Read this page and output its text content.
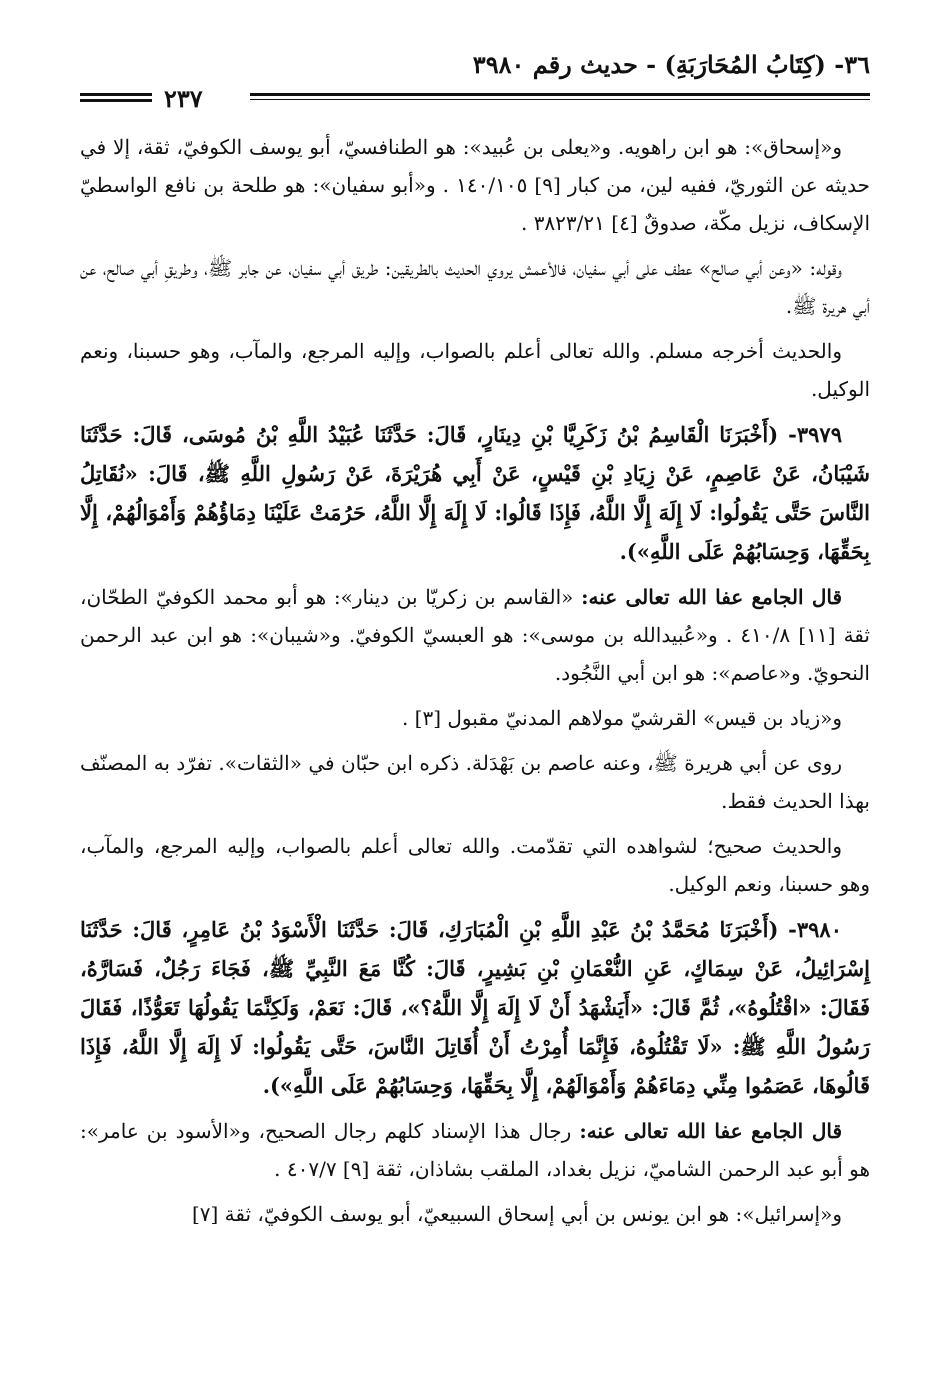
٣٦- (كِتَابُ المُحَارَبَةِ) - حديث رقم ٣٩٨٠
٢٣٧

و«إسحاق»: هو ابن راهويه. و«يعلى بن عُبيد»: هو الطنافسيّ، أبو يوسف الكوفيّ، ثقة، إلا في حديثه عن الثوريّ، ففيه لين، من كبار [٩] ١٤٠/١٠٥ . و«أبو سفيان»: هو طلحة بن نافع الواسطيّ الإسكاف، نزيل مكّة، صدوقٌ [٤] ٣٨٢٣/٢١ .

وقوله: «وعن أبي صالح» عطف على أبي سفيان، فالأعمش يروي الحديث بالطريقين: طريق أبي سفيان، عن جابر ﷺ، وطريقِ أبي صالح، عن أبي هريرة ﷺ.

والحديث أخرجه مسلم. والله تعالى أعلم بالصواب، وإليه المرجع، والمآب، وهو حسبنا، ونعم الوكيل.

٣٩٧٩- (أَخْبَرَنَا الْقَاسِمُ بْنُ زَكَرِيَّا بْنِ دِينَارٍ، قَالَ: حَدَّثَنَا عُبَيْدُ اللَّهِ بْنُ مُوسَى، قَالَ: حَدَّثَنَا شَيْبَانُ، عَنْ عَاصِمٍ، عَنْ زِيَادِ بْنِ قَيْسٍ، عَنْ أَبِي هُرَيْرَةَ، عَنْ رَسُولِ اللَّهِ ﷺ، قَالَ: «نُقَاتِلُ النَّاسَ حَتَّى يَقُولُوا: لَا إِلَهَ إِلَّا اللَّهُ، فَإِذَا قَالُوا: لَا إِلَهَ إِلَّا اللَّهُ، حَرُمَتْ عَلَيْنَا دِمَاؤُهُمْ وَأَمْوَالُهُمْ، إِلَّا بِحَقِّهَا، وَحِسَابُهُمْ عَلَى اللَّهِ»).

قال الجامع عفا الله تعالى عنه: «القاسم بن زكريّا بن دينار»: هو أبو محمد الكوفيّ الطحّان، ثقة [١١] ٤١٠/٨ . و«عُبيدالله بن موسى»: هو العبسيّ الكوفيّ. و«شيبان»: هو ابن عبد الرحمن النحويّ. و«عاصم»: هو ابن أبي النَّجُود.

و«زياد بن قيس» القرشيّ مولاهم المدنيّ مقبول [٣] .

روى عن أبي هريرة ﷺ، وعنه عاصم بن بَهْدَلة. ذكره ابن حبّان في «الثقات». تفرّد به المصنّف بهذا الحديث فقط.

والحديث صحيح؛ لشواهده التي تقدّمت. والله تعالى أعلم بالصواب، وإليه المرجع، والمآب، وهو حسبنا، ونعم الوكيل.

٣٩٨٠- (أَخْبَرَنَا مُحَمَّدُ بْنُ عَبْدِ اللَّهِ بْنِ الْمُبَارَكِ، قَالَ: حَدَّثَنَا الْأَسْوَدُ بْنُ عَامِرٍ، قَالَ: حَدَّثَنَا إِسْرَائِيلُ، عَنْ سِمَاكٍ، عَنِ النُّعْمَانِ بْنِ بَشِيرٍ، قَالَ: كُنَّا مَعَ النَّبِيِّ ﷺ، فَجَاءَ رَجُلٌ، فَسَارَّهُ، فَقَالَ: «اقْتُلُوهُ»، ثُمَّ قَالَ: «أَيَشْهَدُ أَنْ لَا إِلَهَ إِلَّا اللَّهُ؟»، قَالَ: نَعَمْ، وَلَكِنَّمَا يَقُولُهَا تَعَوُّذًا، فَقَالَ رَسُولُ اللَّهِ ﷺ: «لَا تَقْتُلُوهُ، فَإِنَّمَا أُمِرْتُ أَنْ أُقَاتِلَ النَّاسَ، حَتَّى يَقُولُوا: لَا إِلَهَ إِلَّا اللَّهُ، فَإِذَا قَالُوهَا، عَصَمُوا مِنِّي دِمَاءَهُمْ وَأَمْوَالَهُمْ، إِلَّا بِحَقِّهَا، وَحِسَابُهُمْ عَلَى اللَّهِ»).

قال الجامع عفا الله تعالى عنه: رجال هذا الإسناد كلهم رجال الصحيح، و«الأسود بن عامر»: هو أبو عبد الرحمن الشاميّ، نزيل بغداد، الملقب بشاذان، ثقة [٩] ٤٠٧/٧ .

و«إسرائيل»: هو ابن يونس بن أبي إسحاق السبيعيّ، أبو يوسف الكوفيّ، ثقة [٧]
